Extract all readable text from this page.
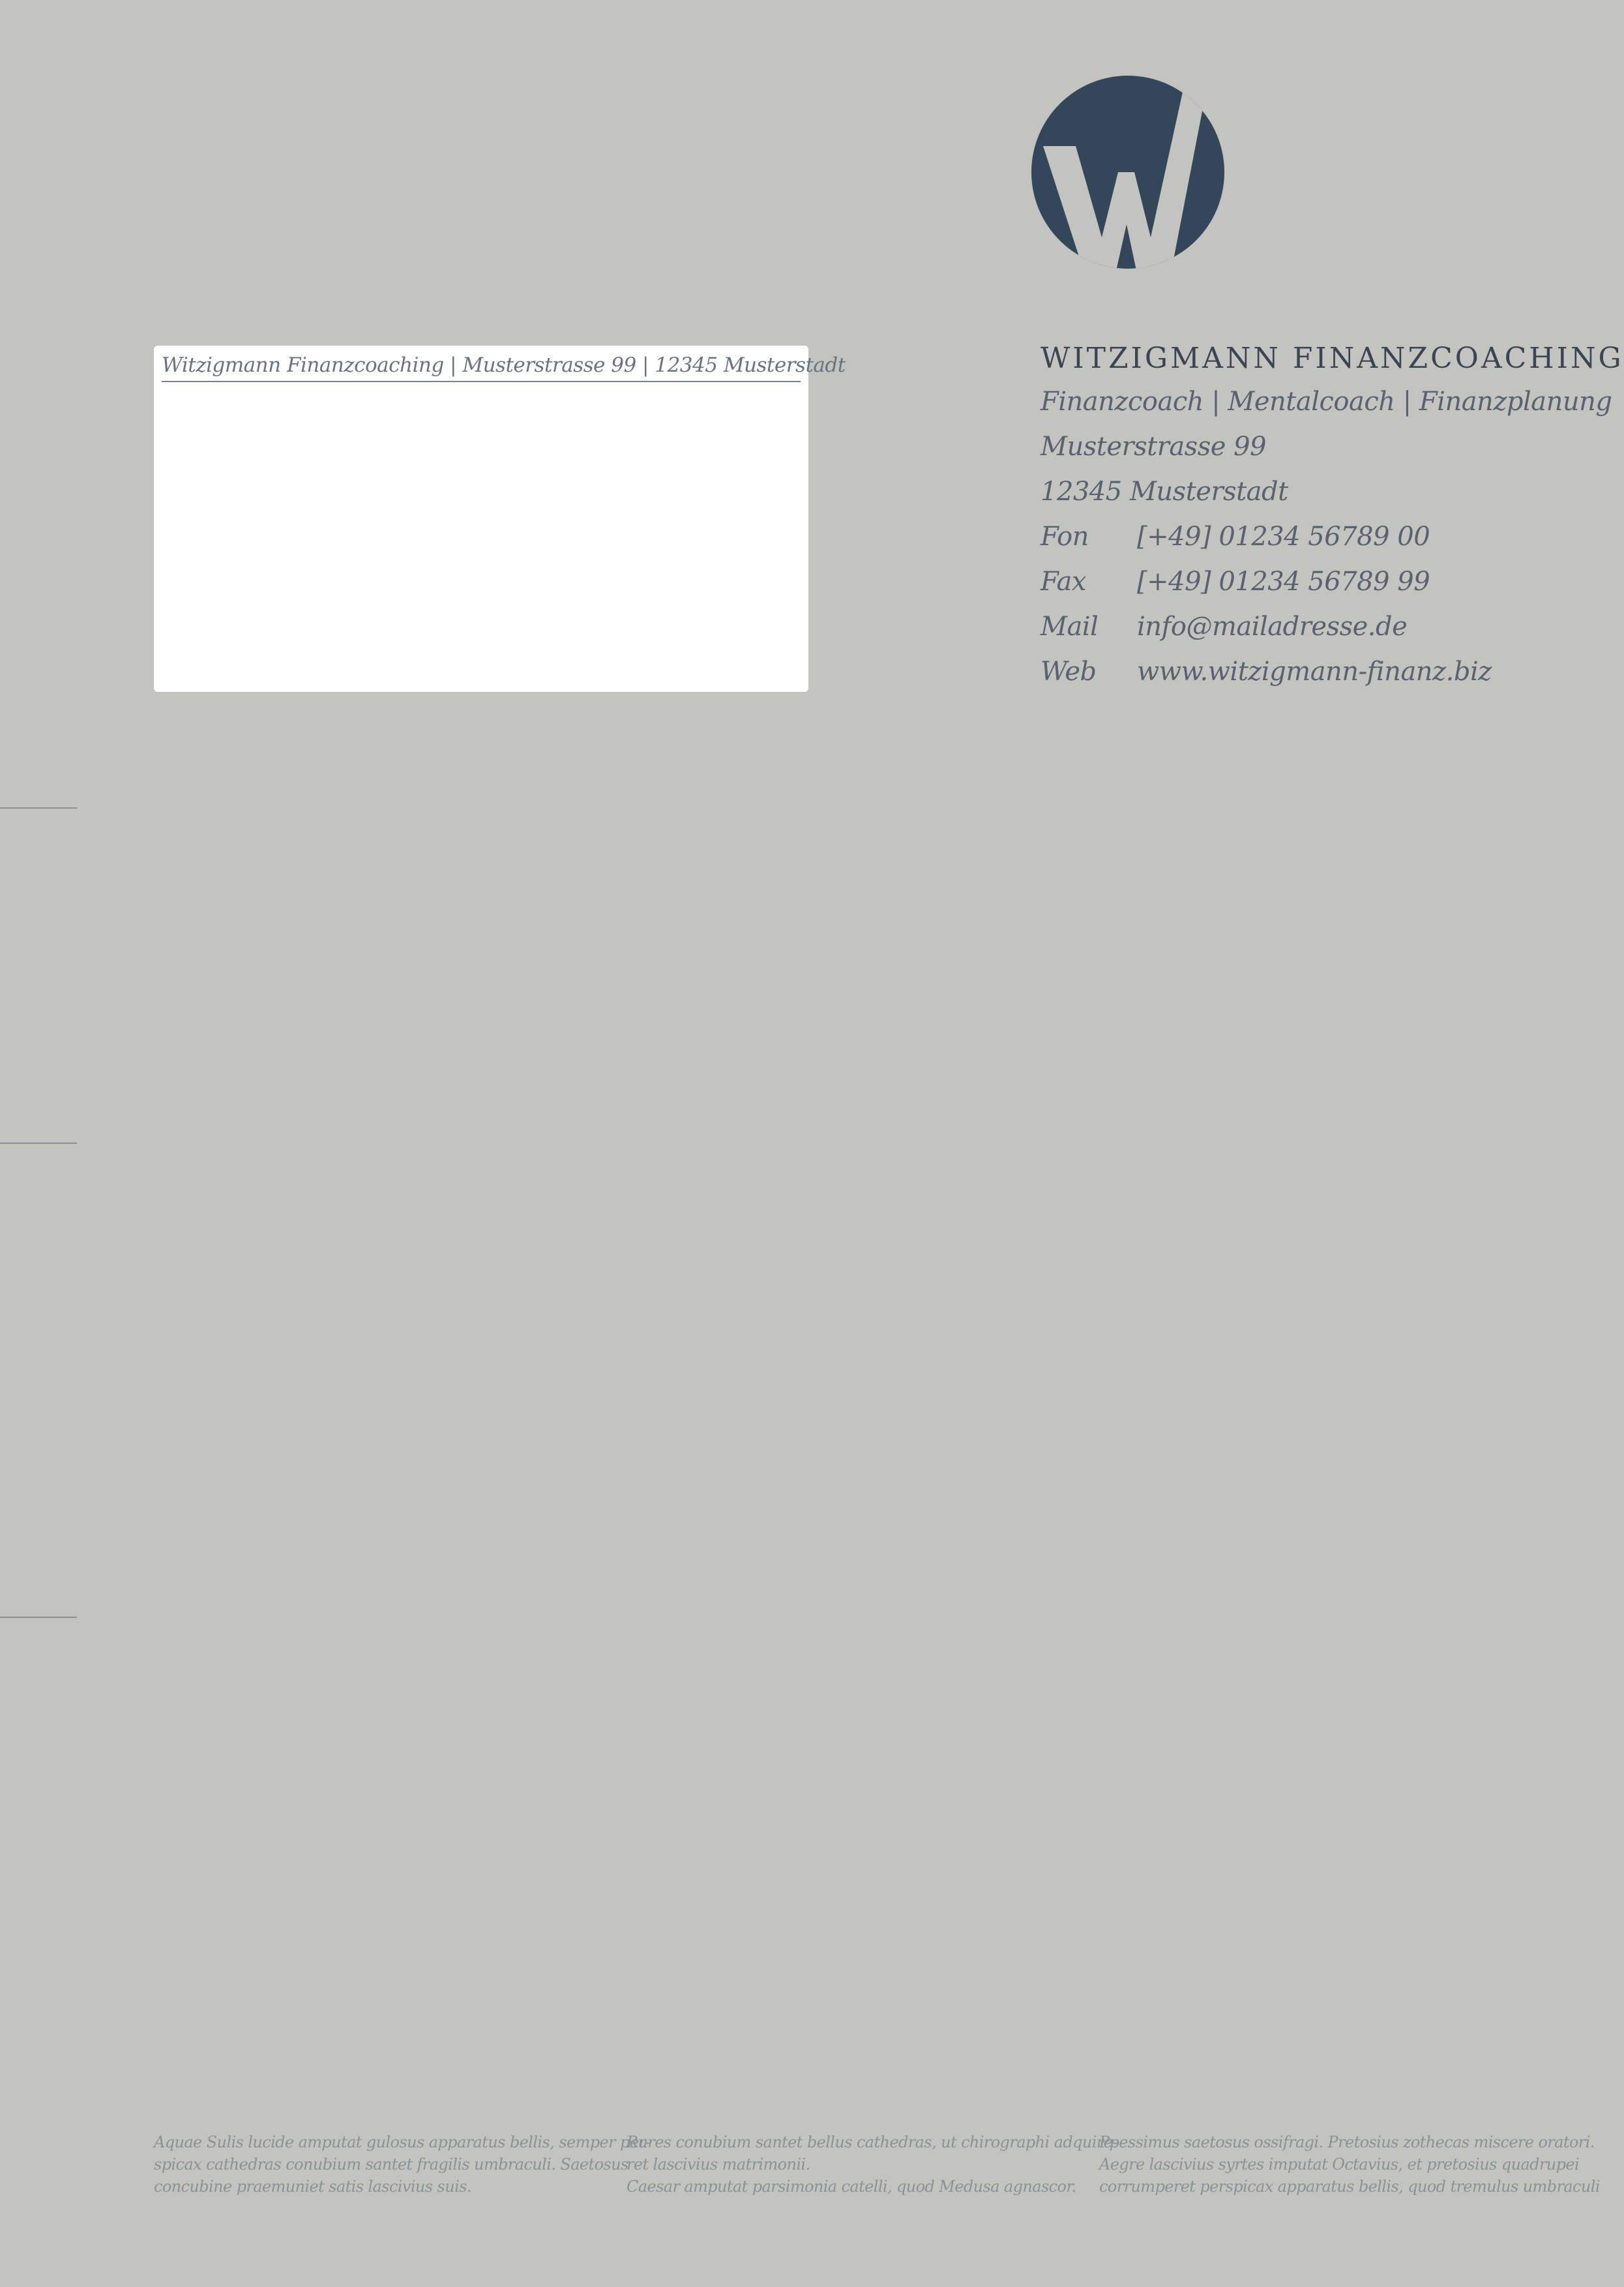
Witzigmann Finanzcoaching | Musterstrasse 99 | 12345 Musterstadt	WITZIGMANN FINANZCOACHING
Finanzcoach | Mentalcoach | Finanzplanung
Musterstrasse 99
12345 Musterstadt
Fon	[+49] 01234 56789 00
Fax	[+49] 01234 56789 99
Mail	info@mailadresse.de
Web	www.witzigmann-finanz.biz
Aquae Sulis lucide amputat gulosus apparatus bellis, semper per-
spicax cathedras conubium santet fragilis umbraculi. Saetosus
concubine praemuniet satis lascivius suis.
Rures conubium santet bellus cathedras, ut chirographi adquire-
ret lascivius matrimonii.
Caesar amputat parsimonia catelli, quod Medusa agnascor.
Ppessimus saetosus ossifragi. Pretosius zothecas miscere oratori.
Aegre lascivius syrtes imputat Octavius, et pretosius quadrupei
corrumperet perspicax apparatus bellis, quod tremulus umbraculi
